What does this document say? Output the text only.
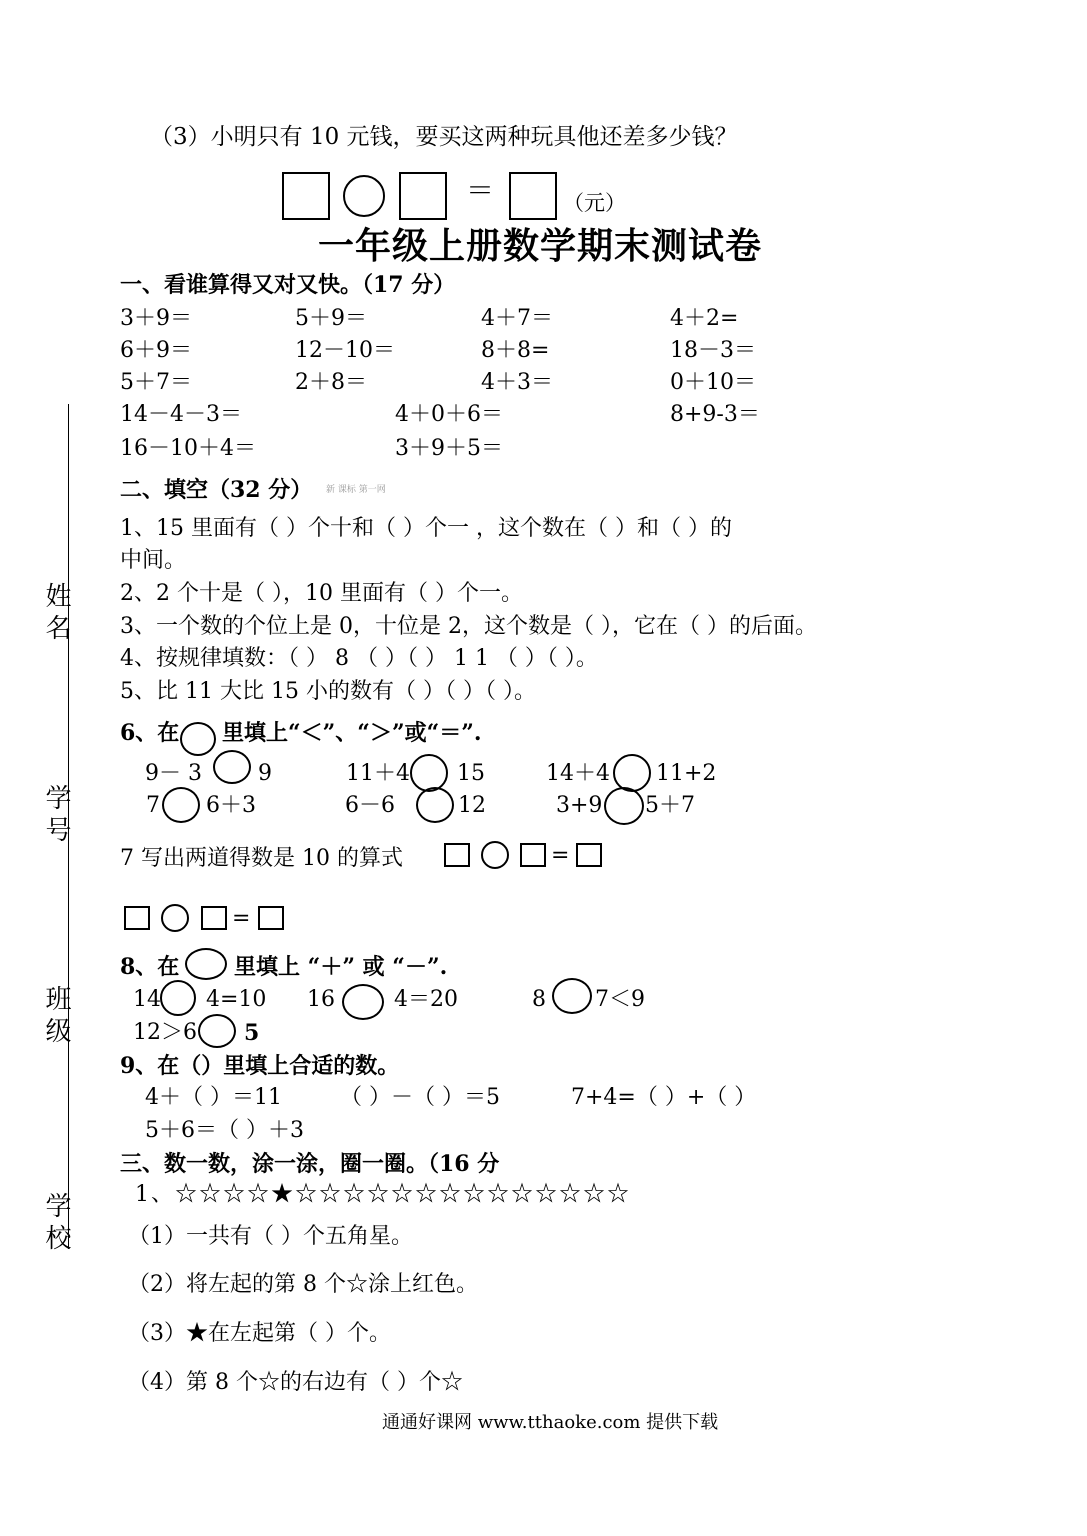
（3）小明只有 10 元钱，要买这两种玩具他还差多少钱？
＝	（元）
一年级上册数学期末测试卷
姓名
学号
班级
学校
一、看谁算得又对又快。（17 分）
3＋9＝	5＋9＝	4＋7＝	4＋2=
6＋9＝	12－10＝	8＋8=	18－3＝
5＋7＝	2＋8＝	4＋3＝	0＋10＝
14－4－3＝	4＋0＋6＝	8+9-3＝
16－10＋4＝	3＋9＋5＝
二、填空（32 分） 新 课标 第一网
1、15 里面有（ ）个十和（ ）个一 ，这个数在（ ）和（ ）的
中间。
2、2 个十是（ ），10 里面有（ ）个一。
3、一个数的个位上是 0，十位是 2，这个数是（ ），它在（ ）的后面。
4、按规律填数：（ ） 8 （ ）（ ） 1 1 （ ）（ ）。
5、比 11 大比 15 小的数有（ ）（ ）（ ）。
6、在 里填上“＜”、“＞”或“＝”.
9－ 3	9	11＋4 15	14＋4 11+2
7 6＋3	6－6	12	3+9 5＋7
7 写出两道得数是 10 的算式	=
=
8、在 里填上 “＋” 或 “－”.
14 4=10 16	4＝20	8 7＜9
12＞6 5
9、在（）里填上合适的数。
4＋（ ）＝11	（ ）－（ ）＝5	7+4=（ ）+（ ）
5＋6＝（ ）＋3
三、数一数，涂一涂，圈一圈。（16 分
1、☆☆☆☆★☆☆☆☆☆☆☆☆☆☆☆☆☆☆
（1）一共有（ ）个五角星。
（2）将左起的第 8 个☆涂上红色。
（3）★在左起第（ ）个。
（4）第 8 个☆的右边有（ ）个☆
通通好课网 www.tthaoke.com 提供下载
